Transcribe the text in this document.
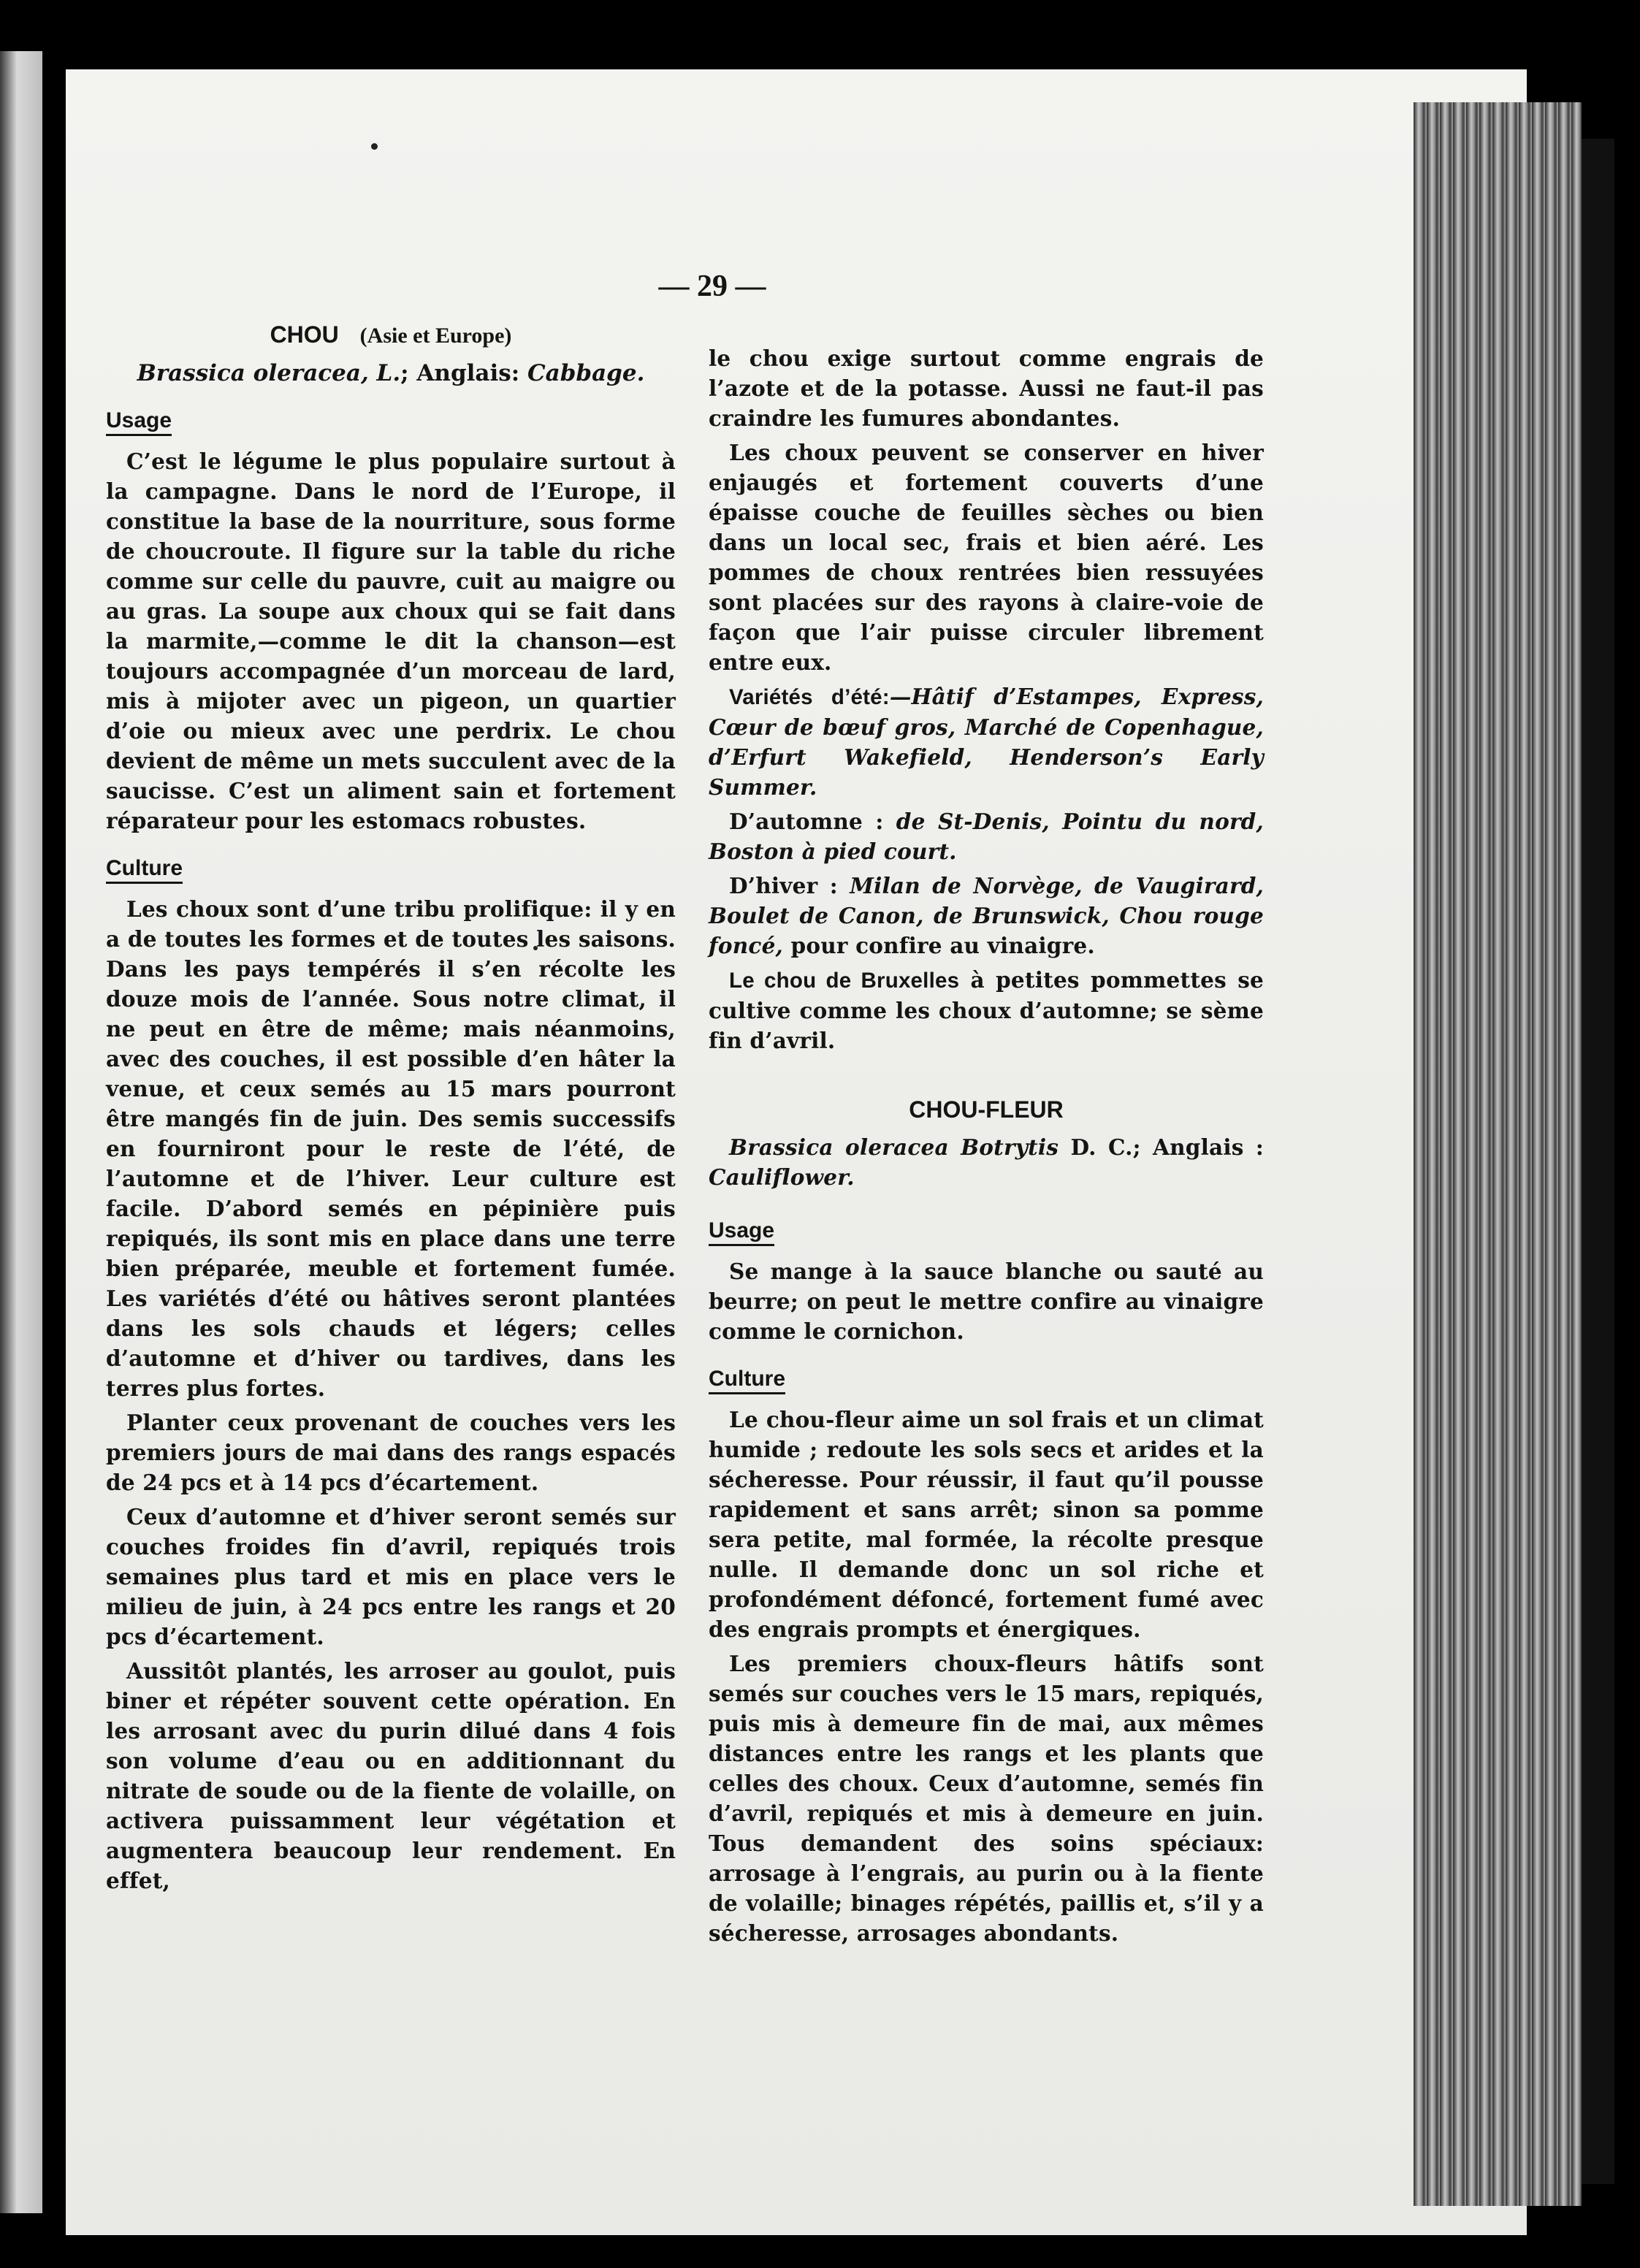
— 29 —
CHOU (Asie et Europe)
Brassica oleracea, L.; Anglais: Cabbage.
Usage

C’est le légume le plus populaire surtout à la campagne. Dans le nord de l’Europe, il constitue la base de la nourriture, sous forme de choucroute. Il figure sur la table du riche comme sur celle du pauvre, cuit au maigre ou au gras. La soupe aux choux qui se fait dans la marmite,—comme le dit la chanson—est toujours accompagnée d’un morceau de lard, mis à mijoter avec un pigeon, un quartier d’oie ou mieux avec une perdrix. Le chou devient de même un mets succulent avec de la saucisse. C’est un aliment sain et fortement réparateur pour les estomacs robustes.

Culture

Les choux sont d’une tribu prolifique: il y en a de toutes les formes et de toutes les saisons. Dans les pays tempérés il s’en récolte les douze mois de l’année. Sous notre climat, il ne peut en être de même; mais néanmoins, avec des couches, il est possible d’en hâter la venue, et ceux semés au 15 mars pourront être mangés fin de juin. Des semis successifs en fourniront pour le reste de l’été, de l’automne et de l’hiver. Leur culture est facile. D’abord semés en pépinière puis repiqués, ils sont mis en place dans une terre bien préparée, meuble et fortement fumée. Les variétés d’été ou hâtives seront plantées dans les sols chauds et légers; celles d’automne et d’hiver ou tardives, dans les terres plus fortes.

Planter ceux provenant de couches vers les premiers jours de mai dans des rangs espacés de 24 pcs et à 14 pcs d’écartement.

Ceux d’automne et d’hiver seront semés sur couches froides fin d’avril, repiqués trois semaines plus tard et mis en place vers le milieu de juin, à 24 pcs entre les rangs et 20 pcs d’écartement.

Aussitôt plantés, les arroser au goulot, puis biner et répéter souvent cette opération. En les arrosant avec du purin dilué dans 4 fois son volume d’eau ou en additionnant du nitrate de soude ou de la fiente de volaille, on activera puissamment leur végétation et augmentera beaucoup leur rendement. En effet,

le chou exige surtout comme engrais de l’azote et de la potasse. Aussi ne faut-il pas craindre les fumures abondantes.

Les choux peuvent se conserver en hiver enjaugés et fortement couverts d’une épaisse couche de feuilles sèches ou bien dans un local sec, frais et bien aéré. Les pommes de choux rentrées bien ressuyées sont placées sur des rayons à claire-voie de façon que l’air puisse circuler librement entre eux.

Variétés d’été:—Hâtif d’Estampes, Express, Cœur de bœuf gros, Marché de Copenhague, d’Erfurt Wakefield, Henderson’s Early Summer.

D’automne : de St-Denis, Pointu du nord, Boston à pied court.

D’hiver : Milan de Norvège, de Vaugirard, Boulet de Canon, de Brunswick, Chou rouge foncé, pour confire au vinaigre.

Le chou de Bruxelles à petites pommettes se cultive comme les choux d’automne; se sème fin d’avril.

CHOU-FLEUR

Brassica oleracea Botrytis D. C.; Anglais : Cauliflower.

Usage

Se mange à la sauce blanche ou sauté au beurre; on peut le mettre confire au vinaigre comme le cornichon.

Culture

Le chou-fleur aime un sol frais et un climat humide ; redoute les sols secs et arides et la sécheresse. Pour réussir, il faut qu’il pousse rapidement et sans arrêt; sinon sa pomme sera petite, mal formée, la récolte presque nulle. Il demande donc un sol riche et profondément défoncé, fortement fumé avec des engrais prompts et énergiques.

Les premiers choux-fleurs hâtifs sont semés sur couches vers le 15 mars, repiqués, puis mis à demeure fin de mai, aux mêmes distances entre les rangs et les plants que celles des choux. Ceux d’automne, semés fin d’avril, repiqués et mis à demeure en juin. Tous demandent des soins spéciaux: arrosage à l’engrais, au purin ou à la fiente de volaille; binages répétés, paillis et, s’il y a sécheresse, arrosages abondants.
